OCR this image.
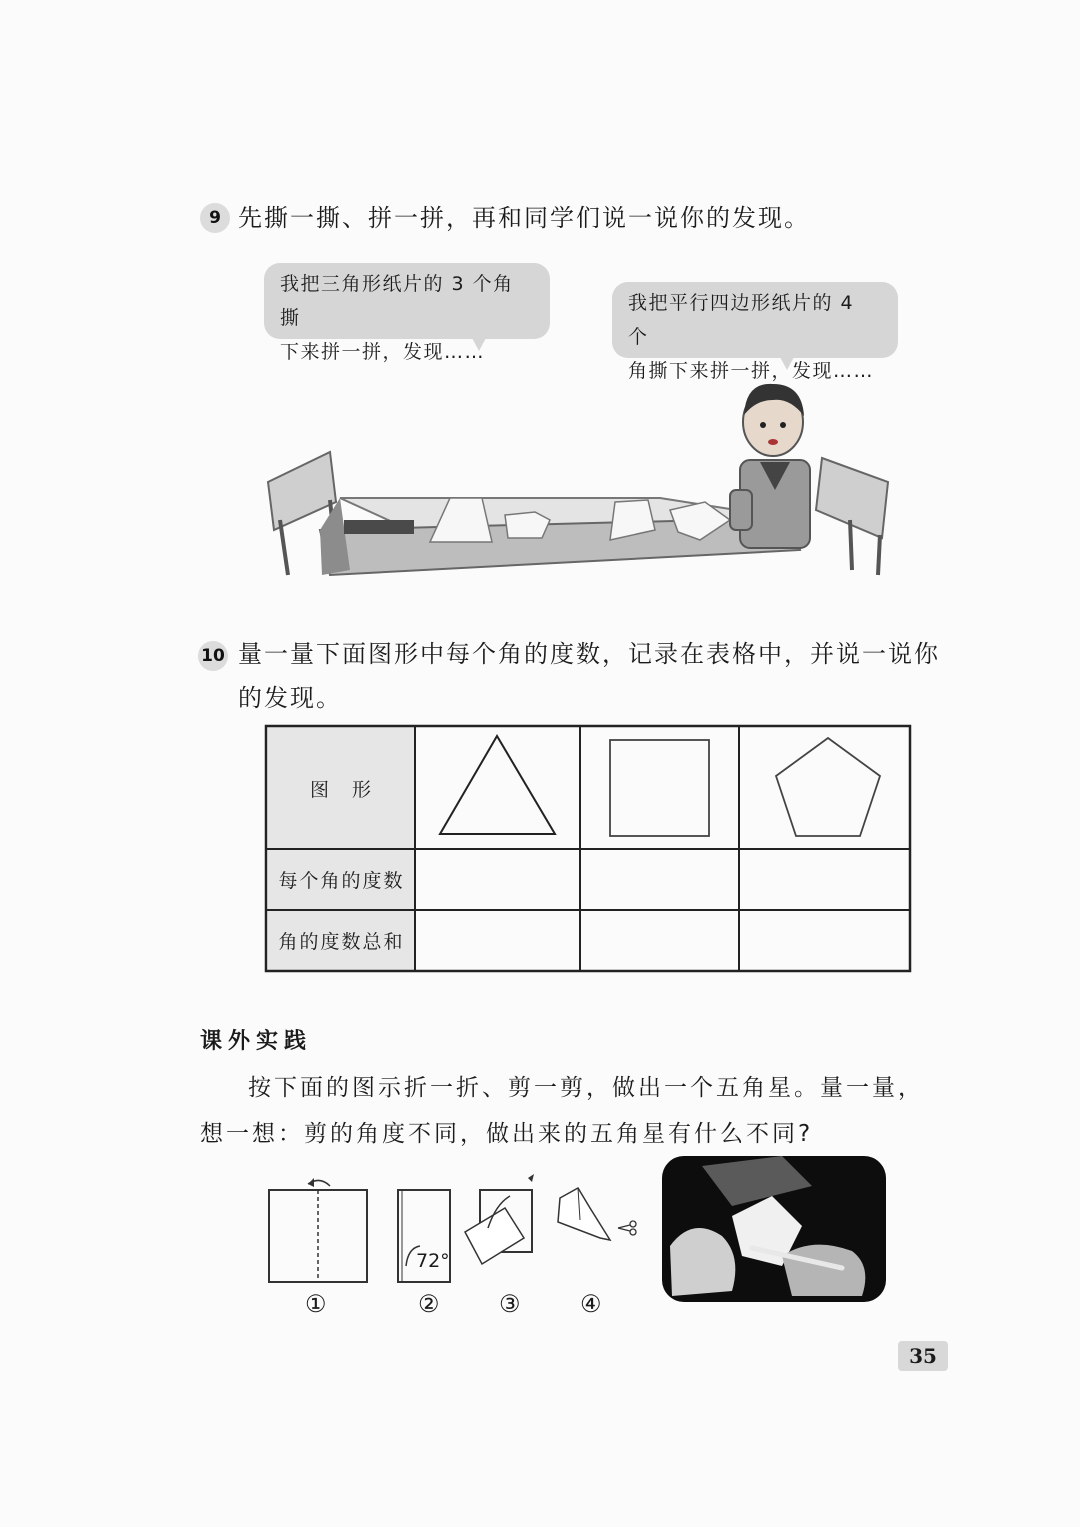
9 先撕一撕、拼一拼，再和同学们说一说你的发现。
我把三角形纸片的 3 个角撕
下来拼一拼，发现……
我把平行四边形纸片的 4 个
角撕下来拼一拼，发现……
10 量一量下面图形中每个角的度数，记录在表格中，并说一说你
的发现。
图　形
每个角的度数
角的度数总和
课外实践
按下面的图示折一折、剪一剪，做出一个五角星。量一量，
想一想：剪的角度不同，做出来的五角星有什么不同?
72°
①	② ③ ④
35
